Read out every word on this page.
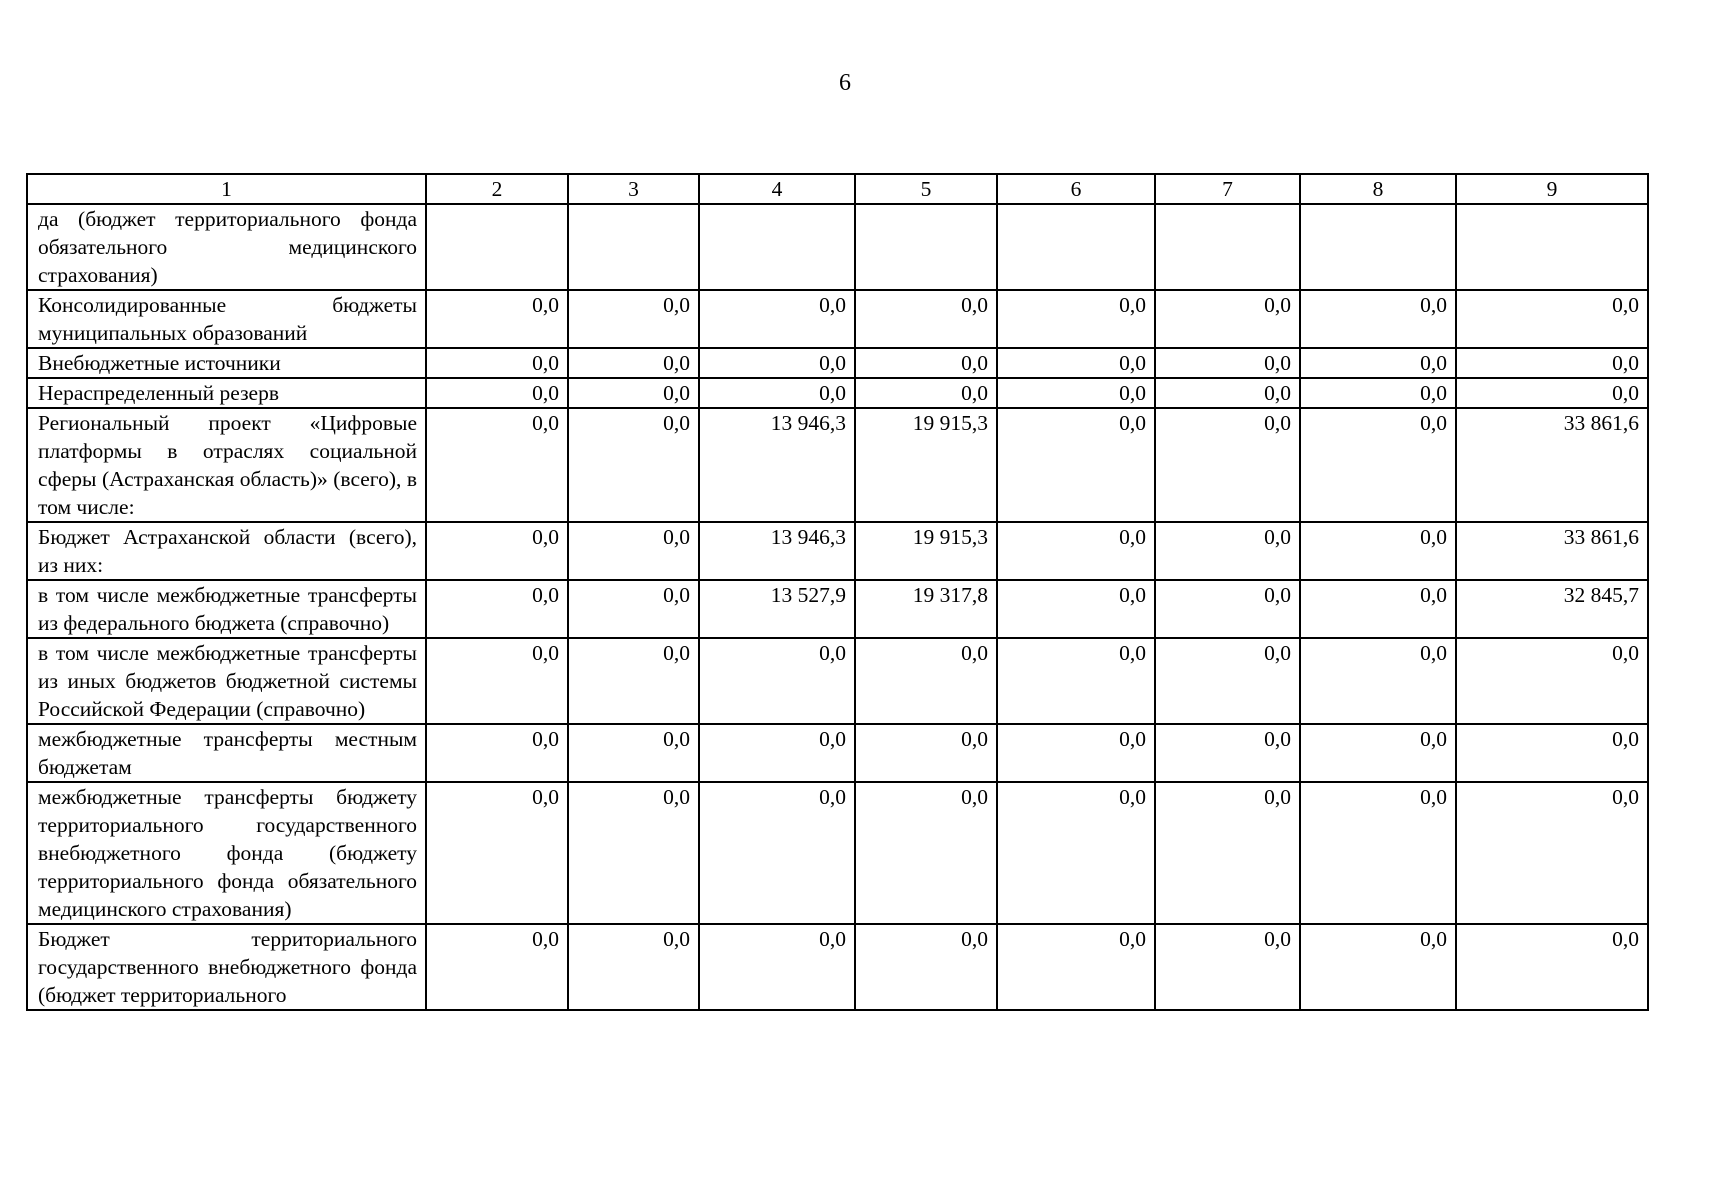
6
1	2	3	4	5	6	7	8	9
да (бюджет территориального фонда обязательного медицинского страхования)								
Консолидированные бюджеты муниципальных образований	0,0	0,0	0,0	0,0	0,0	0,0	0,0	0,0
Внебюджетные источники	0,0	0,0	0,0	0,0	0,0	0,0	0,0	0,0
Нераспределенный резерв	0,0	0,0	0,0	0,0	0,0	0,0	0,0	0,0
Региональный проект «Цифровые платформы в отраслях социальной сферы (Астраханская область)» (всего), в том числе:	0,0	0,0	13 946,3	19 915,3	0,0	0,0	0,0	33 861,6
Бюджет Астраханской области (всего), из них:	0,0	0,0	13 946,3	19 915,3	0,0	0,0	0,0	33 861,6
в том числе межбюджетные трансферты из федерального бюджета (справочно)	0,0	0,0	13 527,9	19 317,8	0,0	0,0	0,0	32 845,7
в том числе межбюджетные трансферты из иных бюджетов бюджетной системы Российской Федерации (справочно)	0,0	0,0	0,0	0,0	0,0	0,0	0,0	0,0
межбюджетные трансферты местным бюджетам	0,0	0,0	0,0	0,0	0,0	0,0	0,0	0,0
межбюджетные трансферты бюджету территориального государственного внебюджетного фонда (бюджету территориального фонда обязательного медицинского страхования)	0,0	0,0	0,0	0,0	0,0	0,0	0,0	0,0
Бюджет территориального государственного внебюджетного фонда (бюджет территориального	0,0	0,0	0,0	0,0	0,0	0,0	0,0	0,0
